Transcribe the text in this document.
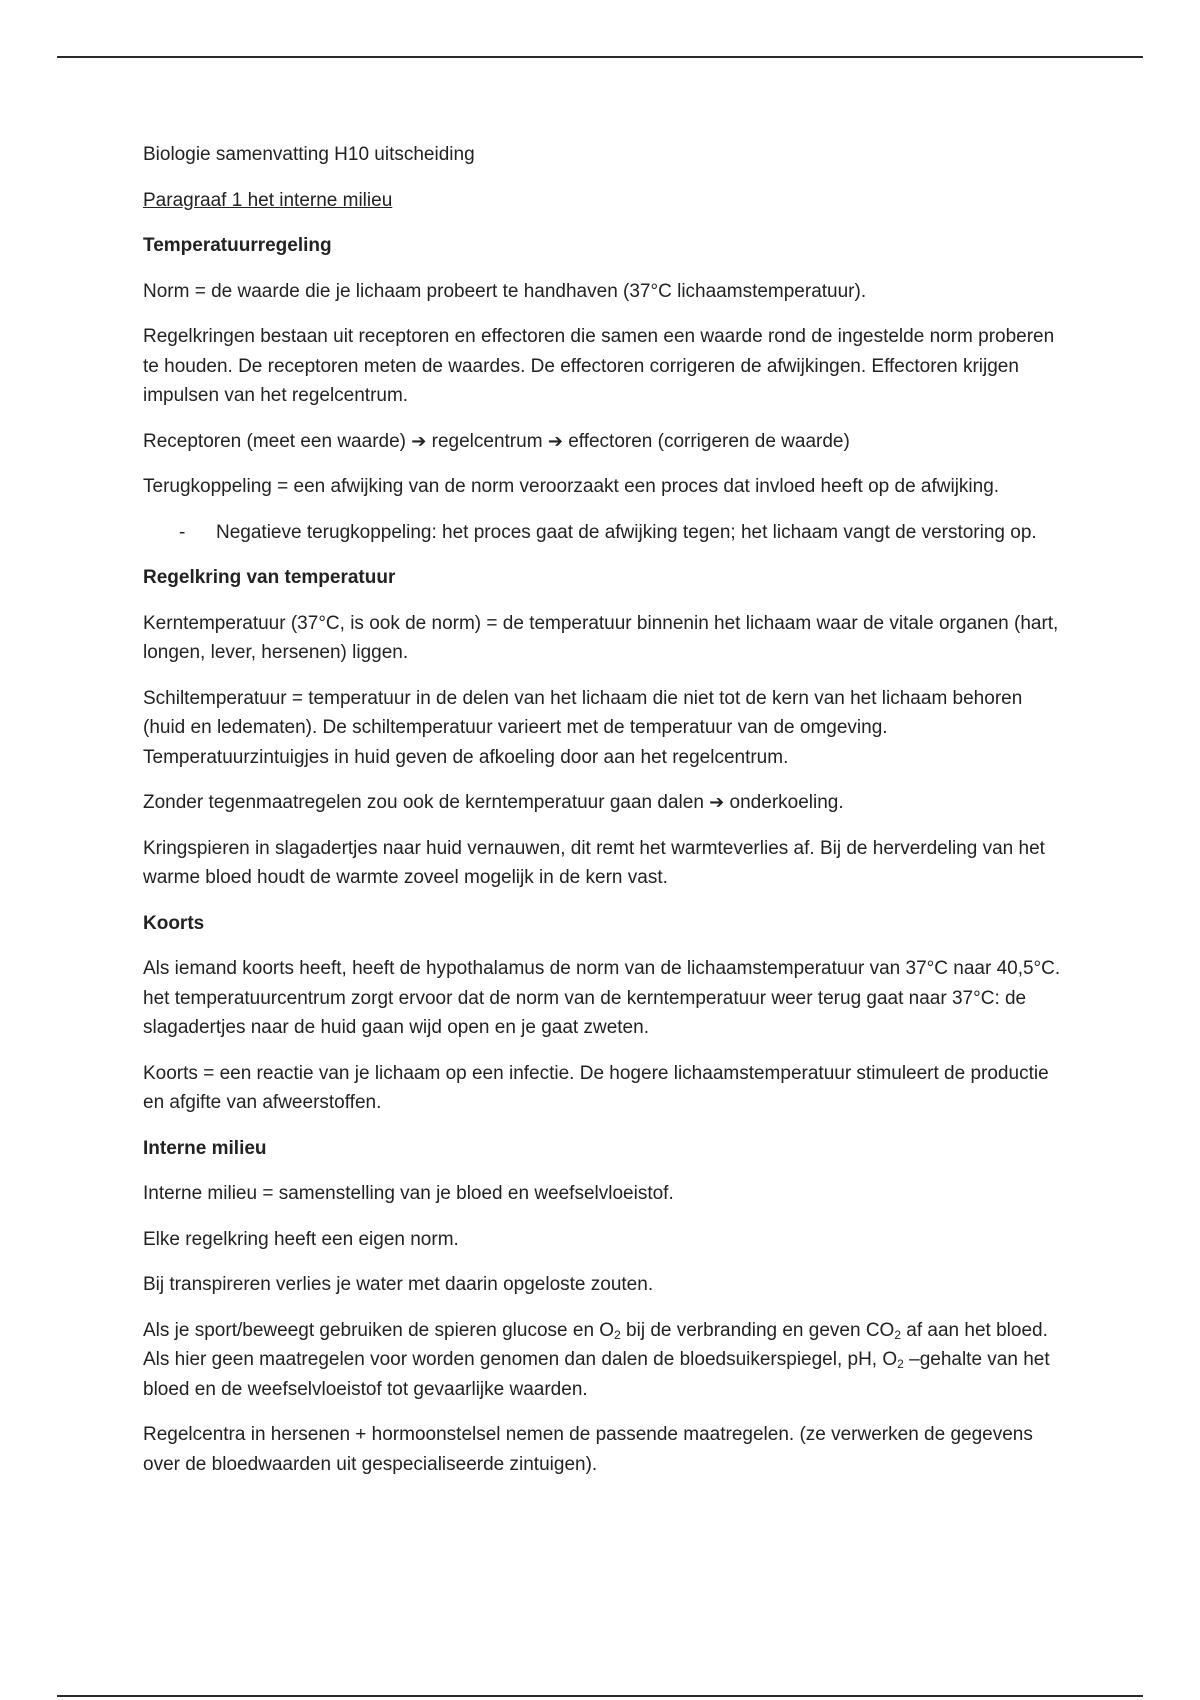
Biologie samenvatting H10 uitscheiding

Paragraaf 1 het interne milieu

Temperatuurregeling

Norm = de waarde die je lichaam probeert te handhaven (37°C lichaamstemperatuur).

Regelkringen bestaan uit receptoren en effectoren die samen een waarde rond de ingestelde norm proberen te houden. De receptoren meten de waardes. De effectoren corrigeren de afwijkingen. Effectoren krijgen impulsen van het regelcentrum.

Receptoren (meet een waarde) ➔ regelcentrum ➔ effectoren (corrigeren de waarde)

Terugkoppeling = een afwijking van de norm veroorzaakt een proces dat invloed heeft op de afwijking.

- Negatieve terugkoppeling: het proces gaat de afwijking tegen; het lichaam vangt de verstoring op.

Regelkring van temperatuur

Kerntemperatuur (37°C, is ook de norm) = de temperatuur binnenin het lichaam waar de vitale organen (hart, longen, lever, hersenen) liggen.

Schiltemperatuur = temperatuur in de delen van het lichaam die niet tot de kern van het lichaam behoren (huid en ledematen). De schiltemperatuur varieert met de temperatuur van de omgeving. Temperatuurzintuigjes in huid geven de afkoeling door aan het regelcentrum.

Zonder tegenmaatregelen zou ook de kerntemperatuur gaan dalen ➔ onderkoeling.

Kringspieren in slagadertjes naar huid vernauwen, dit remt het warmteverlies af. Bij de herverdeling van het warme bloed houdt de warmte zoveel mogelijk in de kern vast.

Koorts

Als iemand koorts heeft, heeft de hypothalamus de norm van de lichaamstemperatuur van 37°C naar 40,5°C. het temperatuurcentrum zorgt ervoor dat de norm van de kerntemperatuur weer terug gaat naar 37°C: de slagadertjes naar de huid gaan wijd open en je gaat zweten.

Koorts = een reactie van je lichaam op een infectie. De hogere lichaamstemperatuur stimuleert de productie en afgifte van afweerstoffen.

Interne milieu

Interne milieu = samenstelling van je bloed en weefselvloeistof.

Elke regelkring heeft een eigen norm.

Bij transpireren verlies je water met daarin opgeloste zouten.

Als je sport/beweegt gebruiken de spieren glucose en $O_2$ bij de verbranding en geven $CO_2$ af aan het bloed. Als hier geen maatregelen voor worden genomen dan dalen de bloedsuikerspiegel, pH, $O_2$ –gehalte van het bloed en de weefselvloeistof tot gevaarlijke waarden.

Regelcentra in hersenen + hormoonstelsel nemen de passende maatregelen. (ze verwerken de gegevens over de bloedwaarden uit gespecialiseerde zintuigen).
